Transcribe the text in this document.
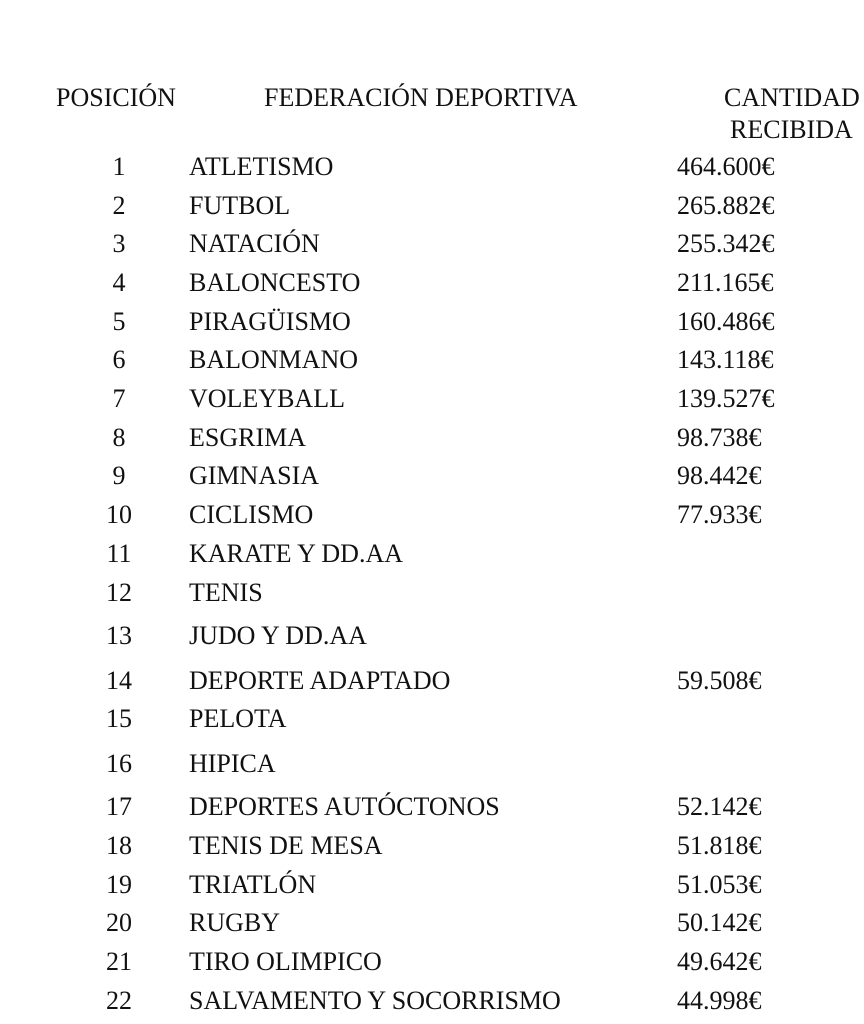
POSICIÓN	FEDERACIÓN DEPORTIVA	CANTIDAD
RECIBIDA
1	ATLETISMO	464.600€
2	FUTBOL	265.882€
3	NATACIÓN	255.342€
4	BALONCESTO	211.165€
5	PIRAGÜISMO	160.486€
6	BALONMANO	143.118€
7	VOLEYBALL	139.527€
8	ESGRIMA	98.738€
9	GIMNASIA	98.442€
10	CICLISMO	77.933€
11	KARATE Y DD.AA
12	TENIS
13	JUDO Y DD.AA
14	DEPORTE ADAPTADO	59.508€
15	PELOTA
16	HIPICA
17	DEPORTES AUTÓCTONOS	52.142€
18	TENIS DE MESA	51.818€
19	TRIATLÓN	51.053€
20	RUGBY	50.142€
21	TIRO OLIMPICO	49.642€
22	SALVAMENTO Y SOCORRISMO	44.998€
